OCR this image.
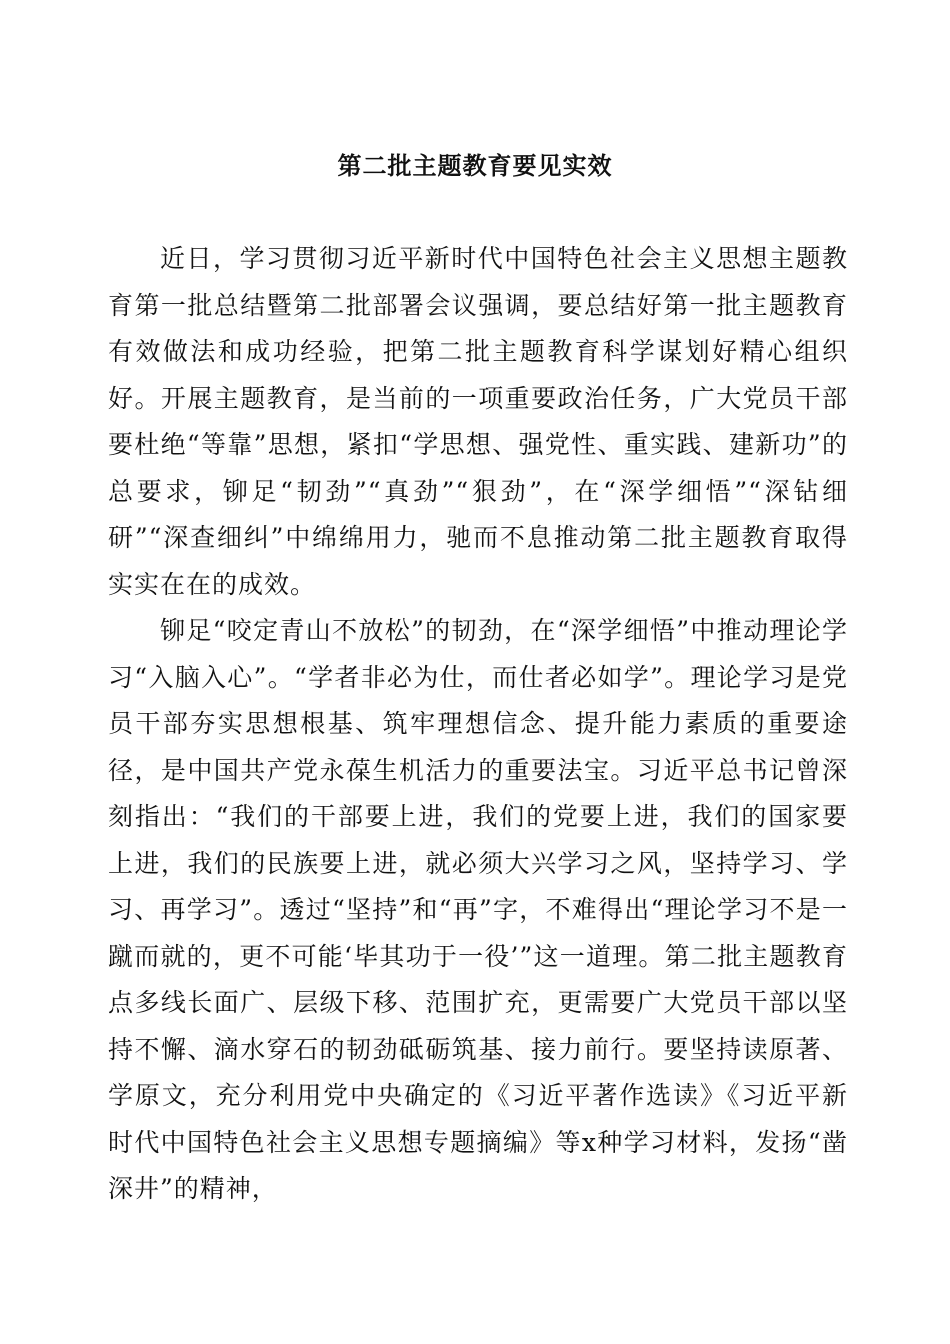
第二批主题教育要见实效

近日，学习贯彻习近平新时代中国特色社会主义思想主题教育第一批总结暨第二批部署会议强调，要总结好第一批主题教育有效做法和成功经验，把第二批主题教育科学谋划好精心组织好。开展主题教育，是当前的一项重要政治任务，广大党员干部要杜绝“等靠”思想，紧扣“学思想、强党性、重实践、建新功”的总要求，铆足“韧劲”“真劲”“狠劲”，在“深学细悟”“深钻细研”“深查细纠”中绵绵用力，驰而不息推动第二批主题教育取得实实在在的成效。

铆足“咬定青山不放松”的韧劲，在“深学细悟”中推动理论学习“入脑入心”。“学者非必为仕，而仕者必如学”。理论学习是党员干部夯实思想根基、筑牢理想信念、提升能力素质的重要途径，是中国共产党永葆生机活力的重要法宝。习近平总书记曾深刻指出：“我们的干部要上进，我们的党要上进，我们的国家要上进，我们的民族要上进，就必须大兴学习之风，坚持学习、学习、再学习”。透过“坚持”和“再”字，不难得出“理论学习不是一蹴而就的，更不可能‘毕其功于一役’”这一道理。第二批主题教育点多线长面广、层级下移、范围扩充，更需要广大党员干部以坚持不懈、滴水穿石的韧劲砥砺筑基、接力前行。要坚持读原著、学原文，充分利用党中央确定的《习近平著作选读》《习近平新时代中国特色社会主义思想专题摘编》等x种学习材料，发扬“凿深井”的精神，
